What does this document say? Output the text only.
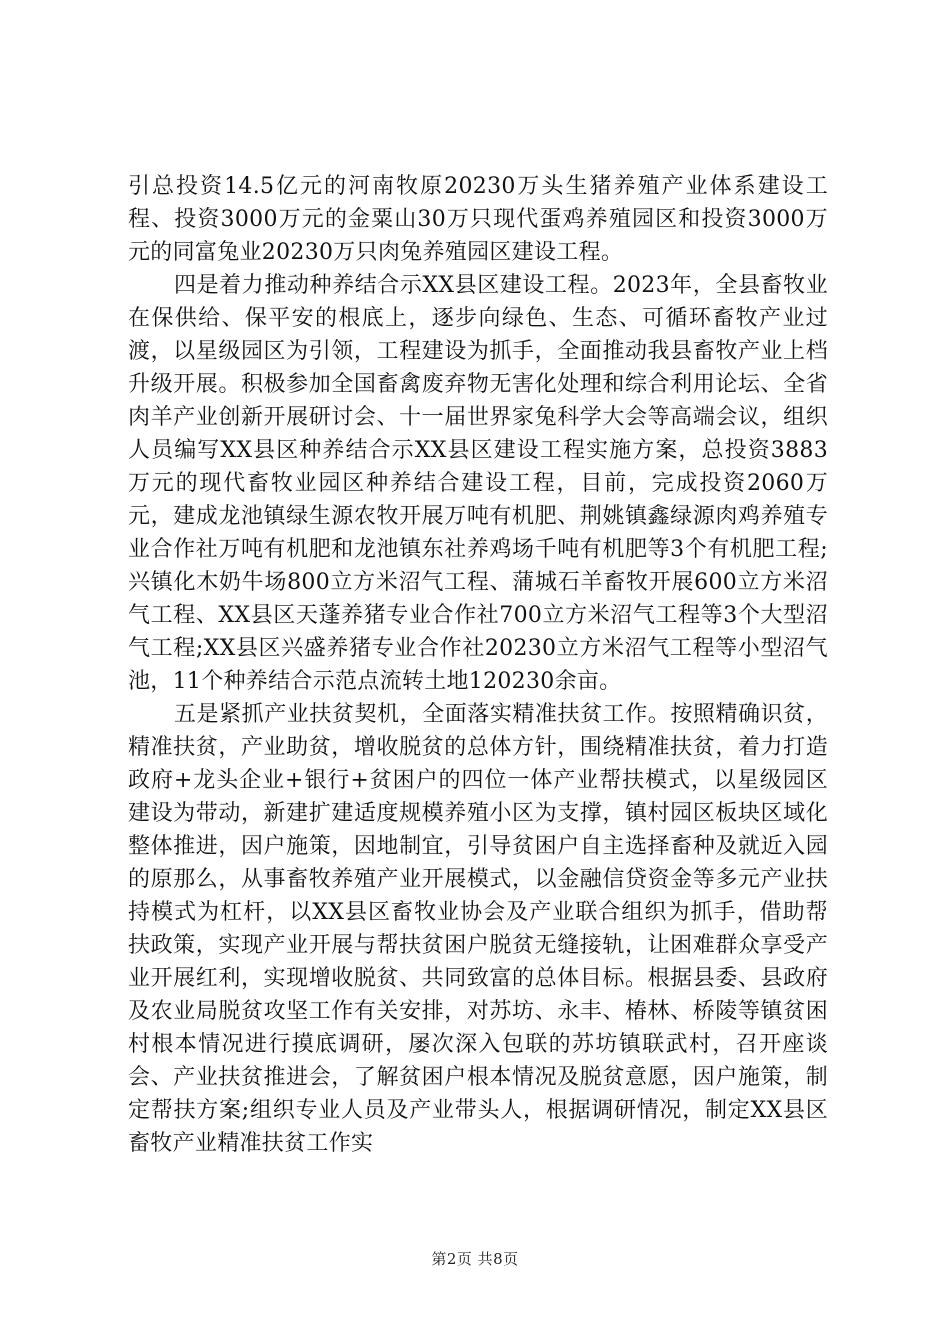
引总投资14.5亿元的河南牧原20230万头生猪养殖产业体系建设工程、投资3000万元的金粟山30万只现代蛋鸡养殖园区和投资3000万元的同富兔业20230万只肉兔养殖园区建设工程。

四是着力推动种养结合示XX县区建设工程。2023年，全县畜牧业在保供给、保平安的根底上，逐步向绿色、生态、可循环畜牧产业过渡，以星级园区为引领，工程建设为抓手，全面推动我县畜牧产业上档升级开展。积极参加全国畜禽废弃物无害化处理和综合利用论坛、全省肉羊产业创新开展研讨会、十一届世界家兔科学大会等高端会议，组织人员编写XX县区种养结合示XX县区建设工程实施方案，总投资3883万元的现代畜牧业园区种养结合建设工程，目前，完成投资2060万元，建成龙池镇绿生源农牧开展万吨有机肥、荆姚镇鑫绿源肉鸡养殖专业合作社万吨有机肥和龙池镇东社养鸡场千吨有机肥等3个有机肥工程;兴镇化木奶牛场800立方米沼气工程、蒲城石羊畜牧开展600立方米沼气工程、XX县区天蓬养猪专业合作社700立方米沼气工程等3个大型沼气工程;XX县区兴盛养猪专业合作社20230立方米沼气工程等小型沼气池，11个种养结合示范点流转土地120230余亩。

五是紧抓产业扶贫契机，全面落实精准扶贫工作。按照精确识贫，精准扶贫，产业助贫，增收脱贫的总体方针，围绕精准扶贫，着力打造政府+龙头企业+银行+贫困户的四位一体产业帮扶模式，以星级园区建设为带动，新建扩建适度规模养殖小区为支撑，镇村园区板块区域化整体推进，因户施策，因地制宜，引导贫困户自主选择畜种及就近入园的原那么，从事畜牧养殖产业开展模式，以金融信贷资金等多元产业扶持模式为杠杆，以XX县区畜牧业协会及产业联合组织为抓手，借助帮扶政策，实现产业开展与帮扶贫困户脱贫无缝接轨，让困难群众享受产业开展红利，实现增收脱贫、共同致富的总体目标。根据县委、县政府及农业局脱贫攻坚工作有关安排，对苏坊、永丰、椿林、桥陵等镇贫困村根本情况进行摸底调研，屡次深入包联的苏坊镇联武村，召开座谈会、产业扶贫推进会，了解贫困户根本情况及脱贫意愿，因户施策，制定帮扶方案;组织专业人员及产业带头人，根据调研情况，制定XX县区畜牧产业精准扶贫工作实

第2页 共8页
